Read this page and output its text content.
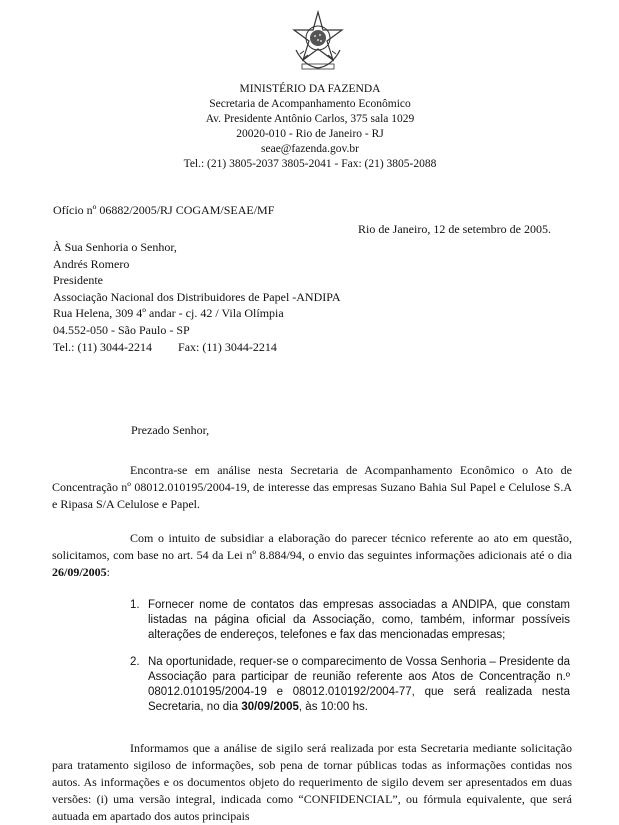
MINISTÉRIO DA FAZENDA
Secretaria de Acompanhamento Econômico
Av. Presidente Antônio Carlos, 375 sala 1029
20020-010 - Rio de Janeiro - RJ
seae@fazenda.gov.br
Tel.: (21) 3805-2037 3805-2041 - Fax: (21) 3805-2088
Ofício nº 06882/2005/RJ COGAM/SEAE/MF
Rio de Janeiro, 12 de setembro de 2005.
À Sua Senhoria o Senhor,
Andrés Romero
Presidente
Associação Nacional dos Distribuidores de Papel -ANDIPA
Rua Helena, 309 4º andar - cj. 42 / Vila Olímpia
04.552-050 - São Paulo - SP
Tel.: (11) 3044-2214 Fax: (11) 3044-2214
Prezado Senhor,
Encontra-se em análise nesta Secretaria de Acompanhamento Econômico o Ato de Concentração nº 08012.010195/2004-19, de interesse das empresas Suzano Bahia Sul Papel e Celulose S.A e Ripasa S/A Celulose e Papel.
Com o intuito de subsidiar a elaboração do parecer técnico referente ao ato em questão, solicitamos, com base no art. 54 da Lei nº 8.884/94, o envio das seguintes informações adicionais até o dia 26/09/2005:
1. Fornecer nome de contatos das empresas associadas a ANDIPA, que constam listadas na página oficial da Associação, como, também, informar possíveis alterações de endereços, telefones e fax das mencionadas empresas;
2. Na oportunidade, requer-se o comparecimento de Vossa Senhoria – Presidente da Associação para participar de reunião referente aos Atos de Concentração n.º 08012.010195/2004-19 e 08012.010192/2004-77, que será realizada nesta Secretaria, no dia 30/09/2005, às 10:00 hs.
Informamos que a análise de sigilo será realizada por esta Secretaria mediante solicitação para tratamento sigiloso de informações, sob pena de tornar públicas todas as informações contidas nos autos. As informações e os documentos objeto do requerimento de sigilo devem ser apresentados em duas versões: (i) uma versão integral, indicada como “CONFIDENCIAL”, ou fórmula equivalente, que será autuada em apartado dos autos principais
